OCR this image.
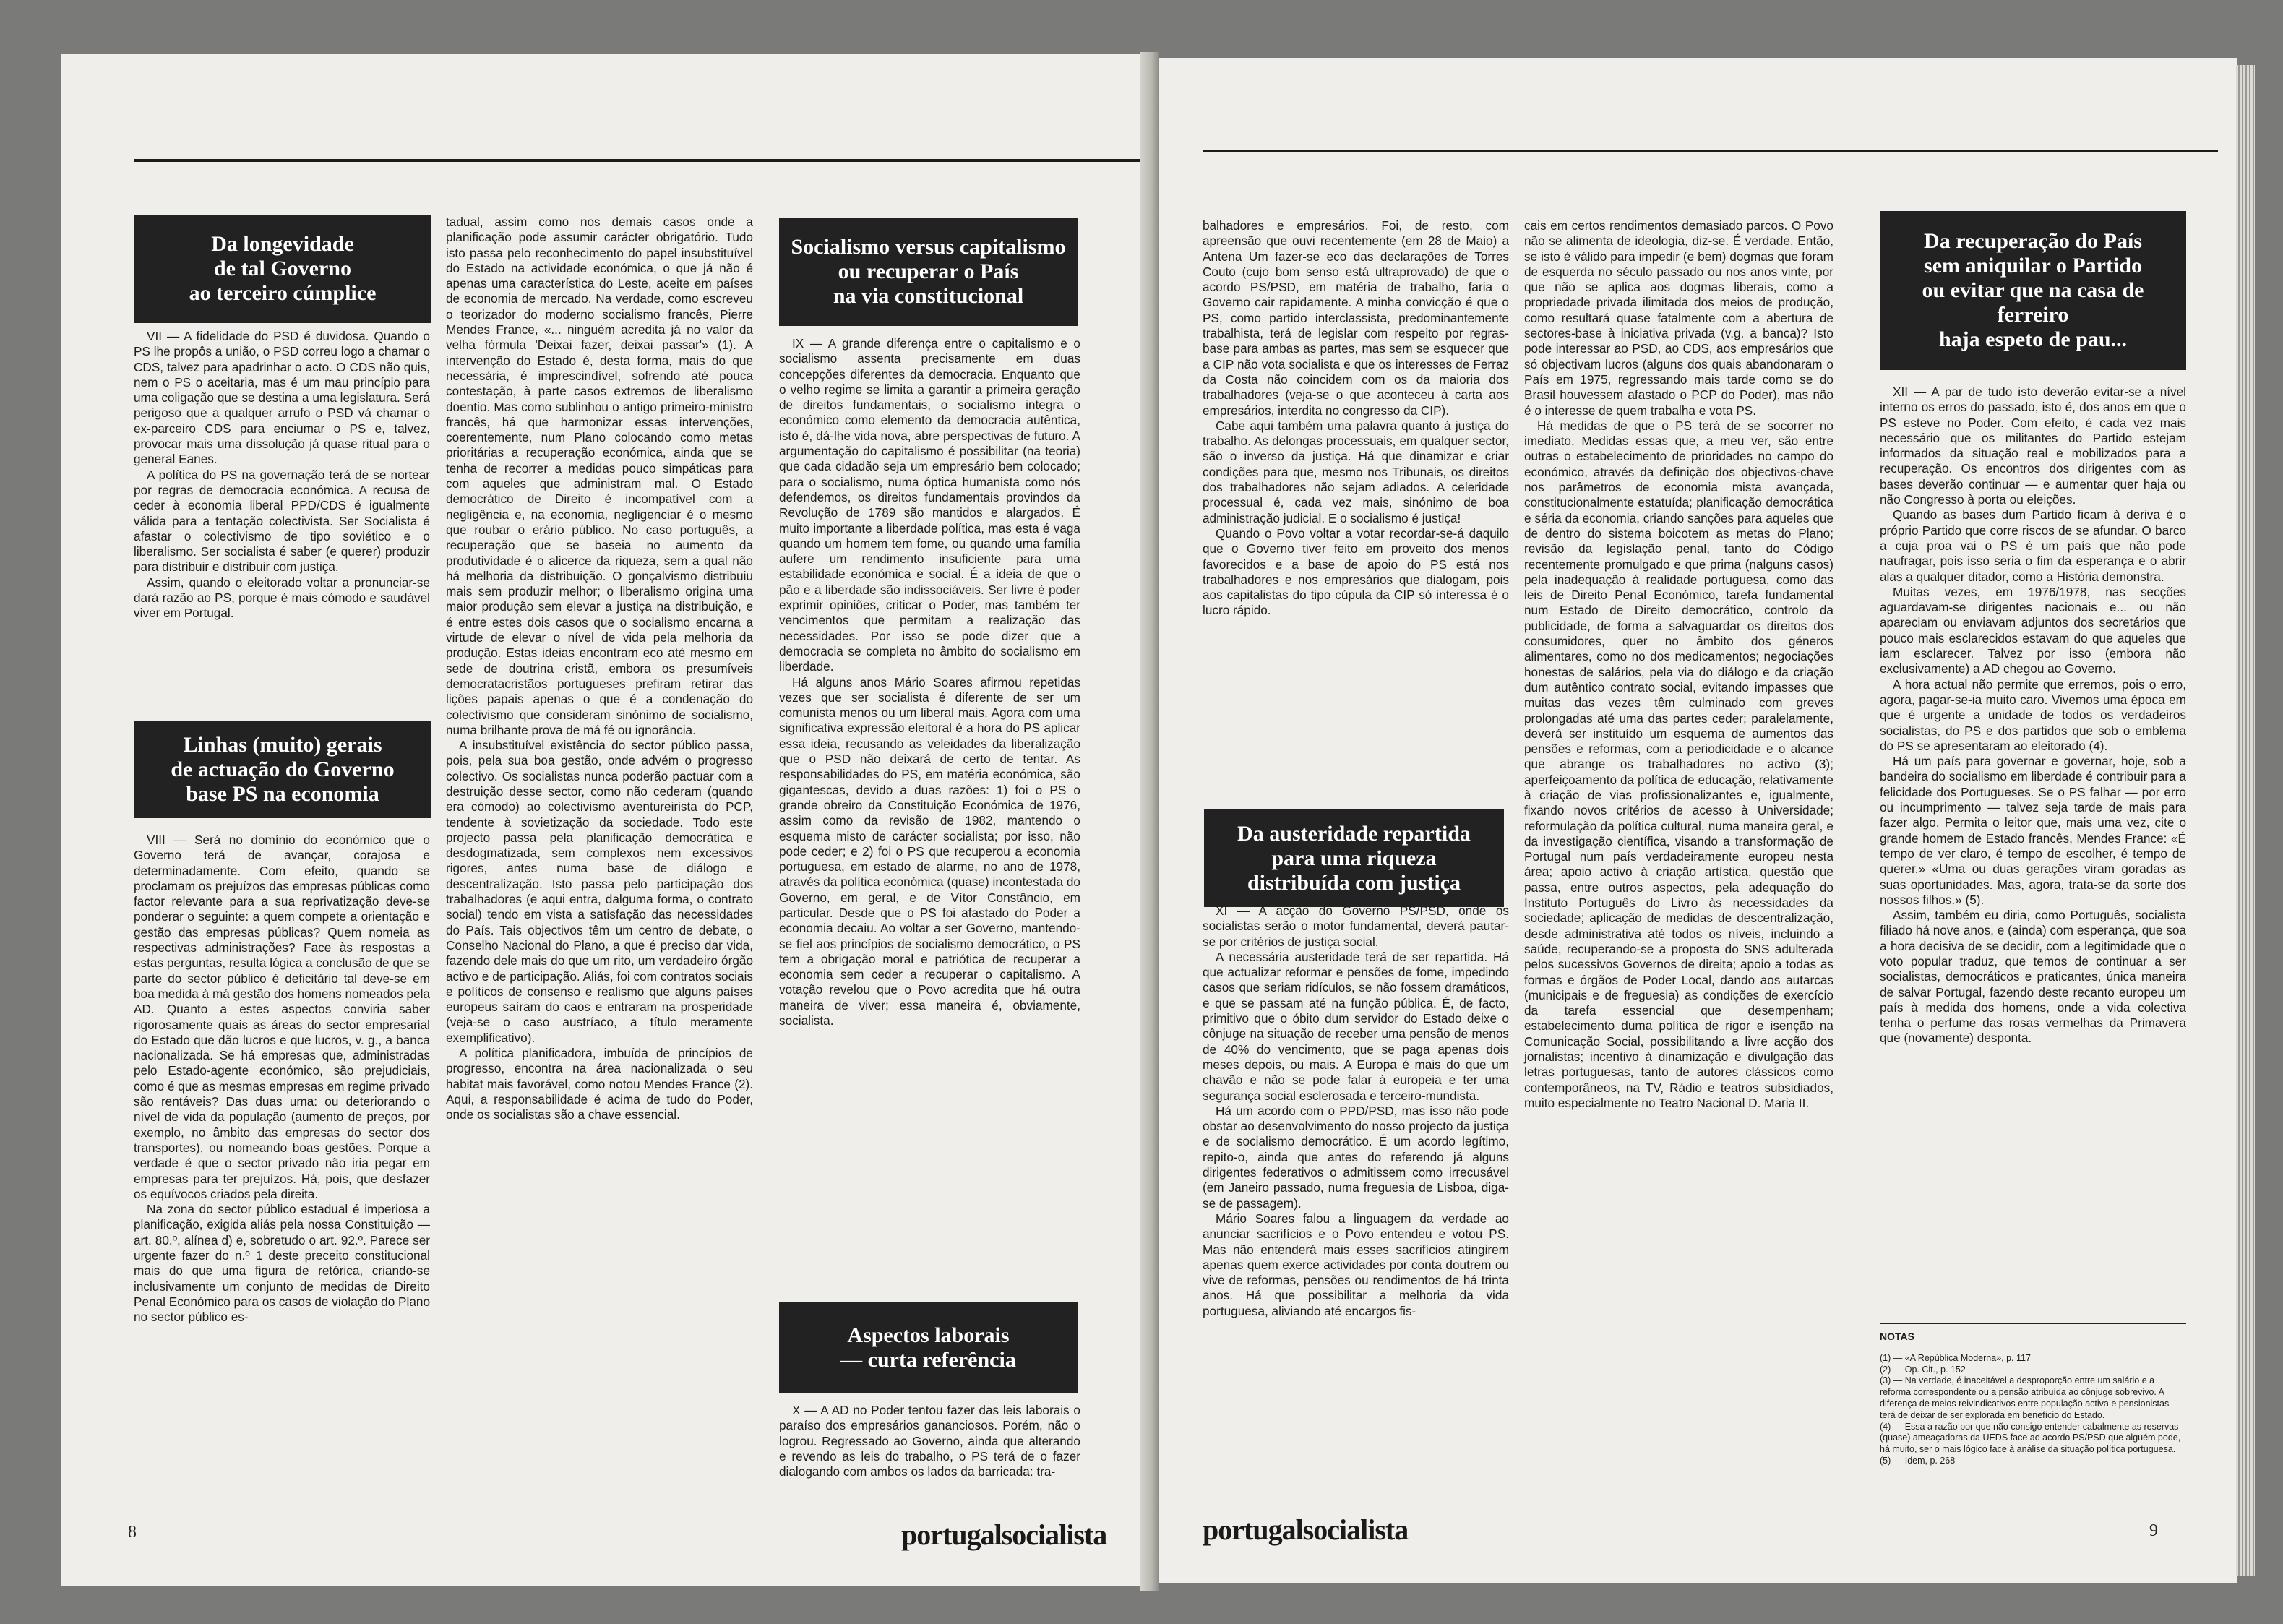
Da longevidade
de tal Governo
ao terceiro cúmplice

VII — A fidelidade do PSD é duvidosa. Quando o PS lhe propôs a união, o PSD correu logo a chamar o CDS, talvez para apadrinhar o acto. O CDS não quis, nem o PS o aceitaria, mas é um mau princípio para uma coligação que se destina a uma legislatura. Será perigoso que a qualquer arrufo o PSD vá chamar o ex-parceiro CDS para enciumar o PS e, talvez, provocar mais uma dissolução já quase ritual para o general Eanes.

A política do PS na governação terá de se nortear por regras de democracia económica. A recusa de ceder à economia liberal PPD/CDS é igualmente válida para a tentação colectivista. Ser Socialista é afastar o colectivismo de tipo soviético e o liberalismo. Ser socialista é saber (e querer) produzir para distribuir e distribuir com justiça.

Assim, quando o eleitorado voltar a pronunciar-se dará razão ao PS, porque é mais cómodo e saudável viver em Portugal.

Linhas (muito) gerais
de actuação do Governo
base PS na economia

VIII — Será no domínio do económico que o Governo terá de avançar, corajosa e determinadamente. Com efeito, quando se proclamam os prejuízos das empresas públicas como factor relevante para a sua reprivatização deve-se ponderar o seguinte: a quem compete a orientação e gestão das empresas públicas? Quem nomeia as respectivas administrações? Face às respostas a estas perguntas, resulta lógica a conclusão de que se parte do sector público é deficitário tal deve-se em boa medida à má gestão dos homens nomeados pela AD. Quanto a estes aspectos conviria saber rigorosamente quais as áreas do sector empresarial do Estado que dão lucros e que lucros, v. g., a banca nacionalizada. Se há empresas que, administradas pelo Estado-agente económico, são prejudiciais, como é que as mesmas empresas em regime privado são rentáveis? Das duas uma: ou deteriorando o nível de vida da população (aumento de preços, por exemplo, no âmbito das empresas do sector dos transportes), ou nomeando boas gestões. Porque a verdade é que o sector privado não iria pegar em empresas para ter prejuízos. Há, pois, que desfazer os equívocos criados pela direita.

Na zona do sector público estadual é imperiosa a planificação, exigida aliás pela nossa Constituição — art. 80.º, alínea d) e, sobretudo o art. 92.º. Parece ser urgente fazer do n.º 1 deste preceito constitucional mais do que uma figura de retórica, criando-se inclusivamente um conjunto de medidas de Direito Penal Económico para os casos de violação do Plano no sector público es-

tadual, assim como nos demais casos onde a planificação pode assumir carácter obrigatório. Tudo isto passa pelo reconhecimento do papel insubstituível do Estado na actividade económica, o que já não é apenas uma característica do Leste, aceite em países de economia de mercado. Na verdade, como escreveu o teorizador do moderno socialismo francês, Pierre Mendes France, «... ninguém acredita já no valor da velha fórmula 'Deixai fazer, deixai passar'» (1). A intervenção do Estado é, desta forma, mais do que necessária, é imprescindível, sofrendo até pouca contestação, à parte casos extremos de liberalismo doentio. Mas como sublinhou o antigo primeiro-ministro francês, há que harmonizar essas intervenções, coerentemente, num Plano colocando como metas prioritárias a recuperação económica, ainda que se tenha de recorrer a medidas pouco simpáticas para com aqueles que administram mal. O Estado democrático de Direito é incompatível com a negligência e, na economia, negligenciar é o mesmo que roubar o erário público. No caso português, a recuperação que se baseia no aumento da produtividade é o alicerce da riqueza, sem a qual não há melhoria da distribuição. O gonçalvismo distribuiu mais sem produzir melhor; o liberalismo origina uma maior produção sem elevar a justiça na distribuição, e é entre estes dois casos que o socialismo encarna a virtude de elevar o nível de vida pela melhoria da produção. Estas ideias encontram eco até mesmo em sede de doutrina cristã, embora os presumíveis democratacristãos portugueses prefiram retirar das lições papais apenas o que é a condenação do colectivismo que consideram sinónimo de socialismo, numa brilhante prova de má fé ou ignorância.

A insubstituível existência do sector público passa, pois, pela sua boa gestão, onde advém o progresso colectivo. Os socialistas nunca poderão pactuar com a destruição desse sector, como não cederam (quando era cómodo) ao colectivismo aventureirista do PCP, tendente à sovietização da sociedade. Todo este projecto passa pela planificação democrática e desdogmatizada, sem complexos nem excessivos rigores, antes numa base de diálogo e descentralização. Isto passa pelo participação dos trabalhadores (e aqui entra, dalguma forma, o contrato social) tendo em vista a satisfação das necessidades do País. Tais objectivos têm um centro de debate, o Conselho Nacional do Plano, a que é preciso dar vida, fazendo dele mais do que um rito, um verdadeiro órgão activo e de participação. Aliás, foi com contratos sociais e políticos de consenso e realismo que alguns países europeus saíram do caos e entraram na prosperidade (veja-se o caso austríaco, a título meramente exemplificativo).

A política planificadora, imbuída de princípios de progresso, encontra na área nacionalizada o seu habitat mais favorável, como notou Mendes France (2). Aqui, a responsabilidade é acima de tudo do Poder, onde os socialistas são a chave essencial.

Socialismo versus capitalismo
ou recuperar o País
na via constitucional

IX — A grande diferença entre o capitalismo e o socialismo assenta precisamente em duas concepções diferentes da democracia. Enquanto que o velho regime se limita a garantir a primeira geração de direitos fundamentais, o socialismo integra o económico como elemento da democracia autêntica, isto é, dá-lhe vida nova, abre perspectivas de futuro. A argumentação do capitalismo é possibilitar (na teoria) que cada cidadão seja um empresário bem colocado; para o socialismo, numa óptica humanista como nós defendemos, os direitos fundamentais provindos da Revolução de 1789 são mantidos e alargados. É muito importante a liberdade política, mas esta é vaga quando um homem tem fome, ou quando uma família aufere um rendimento insuficiente para uma estabilidade económica e social. É a ideia de que o pão e a liberdade são indissociáveis. Ser livre é poder exprimir opiniões, criticar o Poder, mas também ter vencimentos que permitam a realização das necessidades. Por isso se pode dizer que a democracia se completa no âmbito do socialismo em liberdade.

Há alguns anos Mário Soares afirmou repetidas vezes que ser socialista é diferente de ser um comunista menos ou um liberal mais. Agora com uma significativa expressão eleitoral é a hora do PS aplicar essa ideia, recusando as veleidades da liberalização que o PSD não deixará de certo de tentar. As responsabilidades do PS, em matéria económica, são gigantescas, devido a duas razões: 1) foi o PS o grande obreiro da Constituição Económica de 1976, assim como da revisão de 1982, mantendo o esquema misto de carácter socialista; por isso, não pode ceder; e 2) foi o PS que recuperou a economia portuguesa, em estado de alarme, no ano de 1978, através da política económica (quase) incontestada do Governo, em geral, e de Vítor Constâncio, em particular. Desde que o PS foi afastado do Poder a economia decaiu. Ao voltar a ser Governo, mantendo-se fiel aos princípios de socialismo democrático, o PS tem a obrigação moral e patriótica de recuperar a economia sem ceder a recuperar o capitalismo. A votação revelou que o Povo acredita que há outra maneira de viver; essa maneira é, obviamente, socialista.

Aspectos laborais
— curta referência

X — A AD no Poder tentou fazer das leis laborais o paraíso dos empresários gananciosos. Porém, não o logrou. Regressado ao Governo, ainda que alterando e revendo as leis do trabalho, o PS terá de o fazer dialogando com ambos os lados da barricada: tra-

8	portugalsocialista

balhadores e empresários. Foi, de resto, com apreensão que ouvi recentemente (em 28 de Maio) a Antena Um fazer-se eco das declarações de Torres Couto (cujo bom senso está ultraprovado) de que o acordo PS/PSD, em matéria de trabalho, faria o Governo cair rapidamente. A minha convicção é que o PS, como partido interclassista, predominantemente trabalhista, terá de legislar com respeito por regras-base para ambas as partes, mas sem se esquecer que a CIP não vota socialista e que os interesses de Ferraz da Costa não coincidem com os da maioria dos trabalhadores (veja-se o que aconteceu à carta aos empresários, interdita no congresso da CIP).

Cabe aqui também uma palavra quanto à justiça do trabalho. As delongas processuais, em qualquer sector, são o inverso da justiça. Há que dinamizar e criar condições para que, mesmo nos Tribunais, os direitos dos trabalhadores não sejam adiados. A celeridade processual é, cada vez mais, sinónimo de boa administração judicial. E o socialismo é justiça!

Quando o Povo voltar a votar recordar-se-á daquilo que o Governo tiver feito em proveito dos menos favorecidos e a base de apoio do PS está nos trabalhadores e nos empresários que dialogam, pois aos capitalistas do tipo cúpula da CIP só interessa é o lucro rápido.

Da austeridade repartida
para uma riqueza
distribuída com justiça

XI — A acção do Governo PS/PSD, onde os socialistas serão o motor fundamental, deverá pautar-se por critérios de justiça social.

A necessária austeridade terá de ser repartida. Há que actualizar reformar e pensões de fome, impedindo casos que seriam ridículos, se não fossem dramáticos, e que se passam até na função pública. É, de facto, primitivo que o óbito dum servidor do Estado deixe o cônjuge na situação de receber uma pensão de menos de 40% do vencimento, que se paga apenas dois meses depois, ou mais. A Europa é mais do que um chavão e não se pode falar à europeia e ter uma segurança social esclerosada e terceiro-mundista.

Há um acordo com o PPD/PSD, mas isso não pode obstar ao desenvolvimento do nosso projecto da justiça e de socialismo democrático. É um acordo legítimo, repito-o, ainda que antes do referendo já alguns dirigentes federativos o admitissem como irrecusável (em Janeiro passado, numa freguesia de Lisboa, diga-se de passagem).

Mário Soares falou a linguagem da verdade ao anunciar sacrifícios e o Povo entendeu e votou PS. Mas não entenderá mais esses sacrifícios atingirem apenas quem exerce actividades por conta doutrem ou vive de reformas, pensões ou rendimentos de há trinta anos. Há que possibilitar a melhoria da vida portuguesa, aliviando até encargos fis-

cais em certos rendimentos demasiado parcos. O Povo não se alimenta de ideologia, diz-se. É verdade. Então, se isto é válido para impedir (e bem) dogmas que foram de esquerda no século passado ou nos anos vinte, por que não se aplica aos dogmas liberais, como a propriedade privada ilimitada dos meios de produção, como resultará quase fatalmente com a abertura de sectores-base à iniciativa privada (v.g. a banca)? Isto pode interessar ao PSD, ao CDS, aos empresários que só objectivam lucros (alguns dos quais abandonaram o País em 1975, regressando mais tarde como se do Brasil houvessem afastado o PCP do Poder), mas não é o interesse de quem trabalha e vota PS.

Há medidas de que o PS terá de se socorrer no imediato. Medidas essas que, a meu ver, são entre outras o estabelecimento de prioridades no campo do económico, através da definição dos objectivos-chave nos parâmetros de economia mista avançada, constitucionalmente estatuída; planificação democrática e séria da economia, criando sanções para aqueles que de dentro do sistema boicotem as metas do Plano; revisão da legislação penal, tanto do Código recentemente promulgado e que prima (nalguns casos) pela inadequação à realidade portuguesa, como das leis de Direito Penal Económico, tarefa fundamental num Estado de Direito democrático, controlo da publicidade, de forma a salvaguardar os direitos dos consumidores, quer no âmbito dos géneros alimentares, como no dos medicamentos; negociações honestas de salários, pela via do diálogo e da criação dum autêntico contrato social, evitando impasses que muitas das vezes têm culminado com greves prolongadas até uma das partes ceder; paralelamente, deverá ser instituído um esquema de aumentos das pensões e reformas, com a periodicidade e o alcance que abrange os trabalhadores no activo (3); aperfeiçoamento da política de educação, relativamente à criação de vias profissionalizantes e, igualmente, fixando novos critérios de acesso à Universidade; reformulação da política cultural, numa maneira geral, e da investigação científica, visando a transformação de Portugal num país verdadeiramente europeu nesta área; apoio activo à criação artística, questão que passa, entre outros aspectos, pela adequação do Instituto Português do Livro às necessidades da sociedade; aplicação de medidas de descentralização, desde administrativa até todos os níveis, incluindo a saúde, recuperando-se a proposta do SNS adulterada pelos sucessivos Governos de direita; apoio a todas as formas e órgãos de Poder Local, dando aos autarcas (municipais e de freguesia) as condições de exercício da tarefa essencial que desempenham; estabelecimento duma política de rigor e isenção na Comunicação Social, possibilitando a livre acção dos jornalistas; incentivo à dinamização e divulgação das letras portuguesas, tanto de autores clássicos como contemporâneos, na TV, Rádio e teatros subsidiados, muito especialmente no Teatro Nacional D. Maria II.

Da recuperação do País
sem aniquilar o Partido
ou evitar que na casa de
ferreiro
haja espeto de pau...

XII — A par de tudo isto deverão evitar-se a nível interno os erros do passado, isto é, dos anos em que o PS esteve no Poder. Com efeito, é cada vez mais necessário que os militantes do Partido estejam informados da situação real e mobilizados para a recuperação. Os encontros dos dirigentes com as bases deverão continuar — e aumentar quer haja ou não Congresso à porta ou eleições.

Quando as bases dum Partido ficam à deriva é o próprio Partido que corre riscos de se afundar. O barco a cuja proa vai o PS é um país que não pode naufragar, pois isso seria o fim da esperança e o abrir alas a qualquer ditador, como a História demonstra.

Muitas vezes, em 1976/1978, nas secções aguardavam-se dirigentes nacionais e... ou não apareciam ou enviavam adjuntos dos secretários que pouco mais esclarecidos estavam do que aqueles que iam esclarecer. Talvez por isso (embora não exclusivamente) a AD chegou ao Governo.

A hora actual não permite que erremos, pois o erro, agora, pagar-se-ia muito caro. Vivemos uma época em que é urgente a unidade de todos os verdadeiros socialistas, do PS e dos partidos que sob o emblema do PS se apresentaram ao eleitorado (4).

Há um país para governar e governar, hoje, sob a bandeira do socialismo em liberdade é contribuir para a felicidade dos Portugueses. Se o PS falhar — por erro ou incumprimento — talvez seja tarde de mais para fazer algo. Permita o leitor que, mais uma vez, cite o grande homem de Estado francês, Mendes France: «É tempo de ver claro, é tempo de escolher, é tempo de querer.» «Uma ou duas gerações viram goradas as suas oportunidades. Mas, agora, trata-se da sorte dos nossos filhos.» (5).

Assim, também eu diria, como Português, socialista filiado há nove anos, e (ainda) com esperança, que soa a hora decisiva de se decidir, com a legitimidade que o voto popular traduz, que temos de continuar a ser socialistas, democráticos e praticantes, única maneira de salvar Portugal, fazendo deste recanto europeu um país à medida dos homens, onde a vida colectiva tenha o perfume das rosas vermelhas da Primavera que (novamente) desponta.

NOTAS
(1) — «A República Moderna», p. 117
(2) — Op. Cit., p. 152
(3) — Na verdade, é inaceitável a desproporção entre um salário e a reforma correspondente ou a pensão atribuída ao cônjuge sobrevivo. A diferença de meios reivindicativos entre população activa e pensionistas terá de deixar de ser explorada em benefício do Estado.
(4) — Essa a razão por que não consigo entender cabalmente as reservas (quase) ameaçadoras da UEDS face ao acordo PS/PSD que alguém pode, há muito, ser o mais lógico face à análise da situação política portuguesa.
(5) — Idem, p. 268
portugalsocialista	9
